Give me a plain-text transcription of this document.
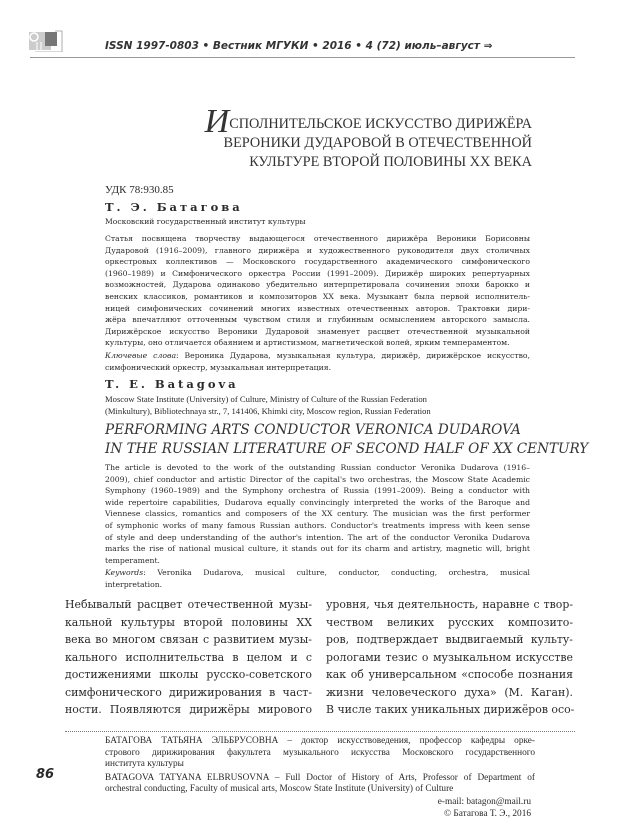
ISSN 1997-0803 • Вестник МГУКИ • 2016 • 4 (72) июль–август ⇒
ИСПОЛНИТЕЛЬСКОЕ ИСКУССТВО ДИРИЖЁРА
ВЕРОНИКИ ДУДАРОВОЙ В ОТЕЧЕСТВЕННОЙ
КУЛЬТУРЕ ВТОРОЙ ПОЛОВИНЫ XX ВЕКА
УДК 78:930.85
Т. Э. Батагова
Московский государственный институт культуры
Статья посвящена творчеству выдающегося отечественного дирижёра Вероники Борисовны
Дударовой (1916–2009), главного дирижёра и художественного руководителя двух столичных
оркестровых коллективов — Московского государственного академического симфонического
(1960–1989) и Симфонического оркестра России (1991–2009). Дирижёр широких репертуарных
возможностей, Дударова одинаково убедительно интерпретировала сочинения эпохи барокко и
венских классиков, романтиков и композиторов XX века. Музыкант была первой исполнитель-
ницей симфонических сочинений многих известных отечественных авторов. Трактовки дири-
жёра впечатляют отточенным чувством стиля и глубинным осмыслением авторского замысла.
Дирижёрское искусство Вероники Дударовой знаменует расцвет отечественной музыкальной
культуры, оно отличается обаянием и артистизмом, магнетической волей, ярким темпераментом.
Ключевые слова: Вероника Дударова, музыкальная культура, дирижёр, дирижёрское искусство,
симфонический оркестр, музыкальная интерпретация.
T. E. Batagova
Moscow State Institute (University) of Culture, Ministry of Culture of the Russian Federation
(Minkultury), Bibliotechnaya str., 7, 141406, Khimki city, Moscow region, Russian Federation
PERFORMING ARTS CONDUCTOR VERONICA DUDAROVA
IN THE RUSSIAN LITERATURE OF SECOND HALF OF XX CENTURY
The article is devoted to the work of the outstanding Russian conductor Veronika Dudarova (1916–
2009), chief conductor and artistic Director of the capital's two orchestras, the Moscow State Academic
Symphony (1960–1989) and the Symphony orchestra of Russia (1991–2009). Being a conductor with
wide repertoire capabilities, Dudarova equally convincingly interpreted the works of the Baroque and
Viennese classics, romantics and composers of the XX century. The musician was the first performer
of symphonic works of many famous Russian authors. Conductor's treatments impress with keen sense
of style and deep understanding of the author's intention. The art of the conductor Veronika Dudarova
marks the rise of national musical culture, it stands out for its charm and artistry, magnetic will, bright
temperament.
Keywords: Veronika Dudarova, musical culture, conductor, conducting, orchestra, musical
interpretation.
Небывалый расцвет отечественной музы-
кальной культуры второй половины XX
века во многом связан с развитием музы-
кального исполнительства в целом и с
достижениями школы русско-советского
симфонического дирижирования в част-
ности. Появляются дирижёры мирового
уровня, чья деятельность, наравне с твор-
чеством великих русских композито-
ров, подтверждает выдвигаемый культу-
рологами тезис о музыкальном искусстве
как об универсальном «способе познания
жизни человеческого духа» (М. Каган).
В числе таких уникальных дирижёров осо-
БАТАГОВА ТАТЬЯНА ЭЛЬБРУСОВНА – доктор искусствоведения, профессор кафедры орке-
стрового дирижирования факультета музыкального искусства Московского государственного
институтa культуры
BATAGOVA TATYANA ELBRUSOVNA – Full Doctor of History of Arts, Professor of Department of
orchestral conducting, Faculty of musical arts, Moscow State Institute (University) of Culture
86
e-mail: batagon@mail.ru
© Батагова Т. Э., 2016
